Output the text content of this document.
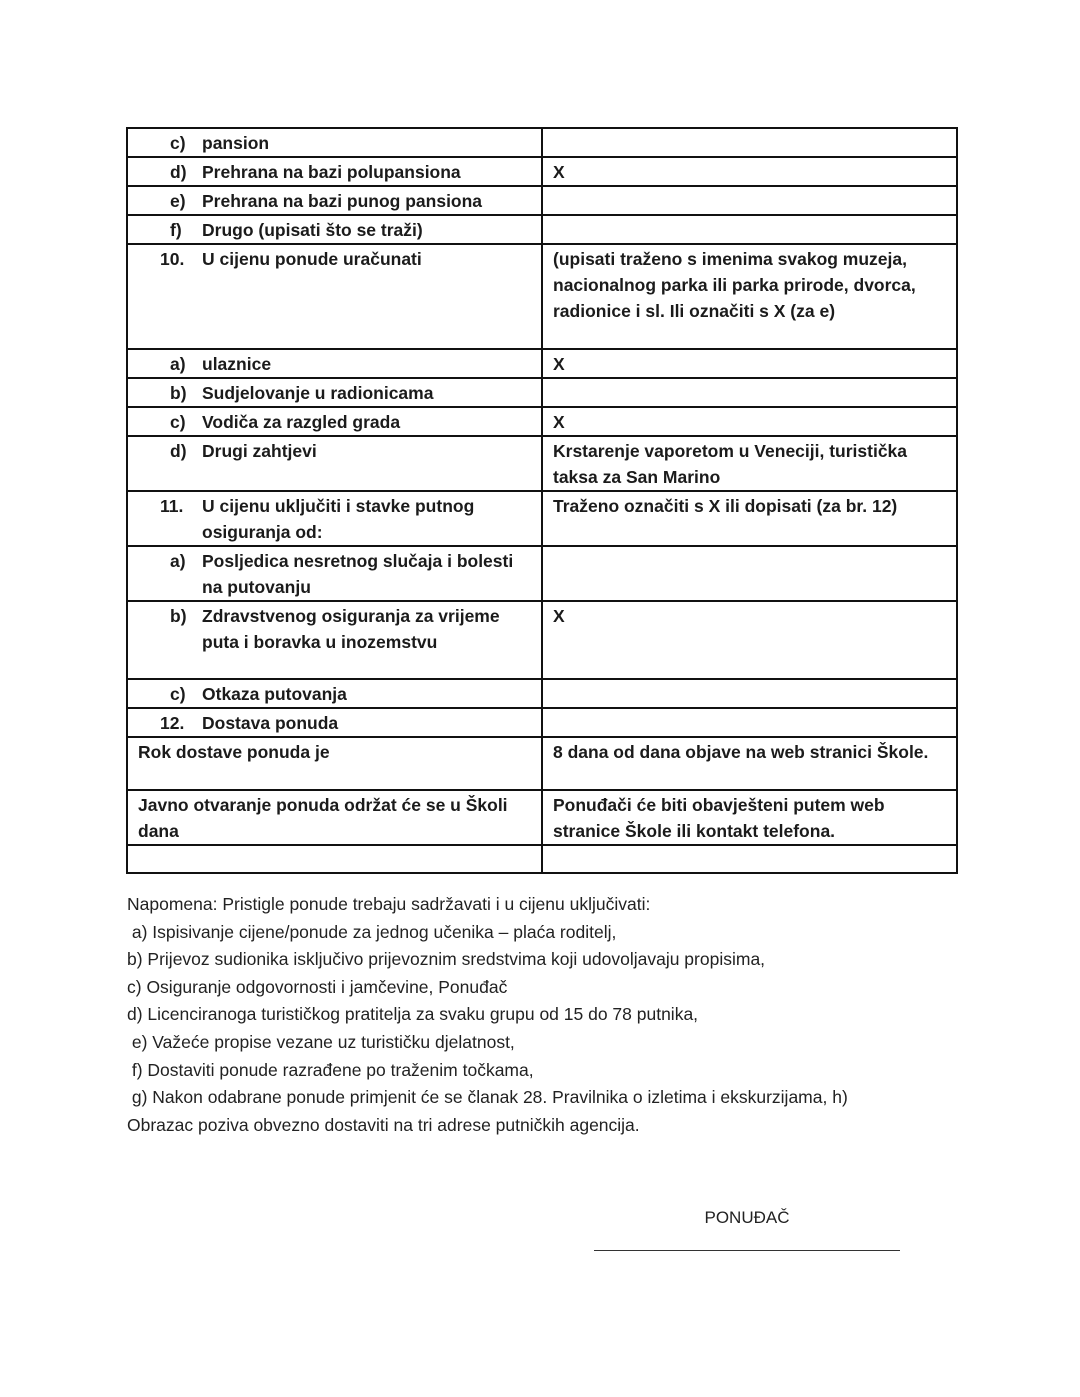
c) pansion	

d) Prehrana na bazi polupansiona	X

e) Prehrana na bazi punog pansiona	

f) Drugo (upisati što se traži)	

10. U cijenu ponude uračunati	(upisati traženo s imenima svakog muzeja, nacionalnog parka ili parka prirode, dvorca, radionice i sl. Ili označiti s X (za e)

a) ulaznice	X

b) Sudjelovanje u radionicama	

c) Vodiča za razgled grada	X

d) Drugi zahtjevi	Krstarenje vaporetom u Veneciji, turistička taksa za San Marino

11. U cijenu uključiti i stavke putnog osiguranja od:	Traženo označiti s X ili dopisati (za br. 12)

a) Posljedica nesretnog slučaja i bolesti na putovanju	

b) Zdravstvenog osiguranja za vrijeme puta i boravka u inozemstvu	X

c) Otkaza putovanja	

12. Dostava ponuda	

Rok dostave ponuda je	8 dana od dana objave na web stranici Škole.

Javno otvaranje ponuda održat će se u Školi dana	Ponuđači će biti obavješteni putem web stranice Škole ili kontakt telefona.

Napomena: Pristigle ponude trebaju sadržavati i u cijenu uključivati:
a) Ispisivanje cijene/ponude za jednog učenika – plaća roditelj,
b) Prijevoz sudionika isključivo prijevoznim sredstvima koji udovoljavaju propisima,
c) Osiguranje odgovornosti i jamčevine, Ponuđač
d) Licenciranoga turističkog pratitelja za svaku grupu od 15 do 78 putnika,
e) Važeće propise vezane uz turističku djelatnost,
f) Dostaviti ponude razrađene po traženim točkama,
g) Nakon odabrane ponude primjenit će se članak 28. Pravilnika o izletima i ekskurzijama, h)
Obrazac poziva obvezno dostaviti na tri adrese putničkih agencija.
PONUĐAČ
